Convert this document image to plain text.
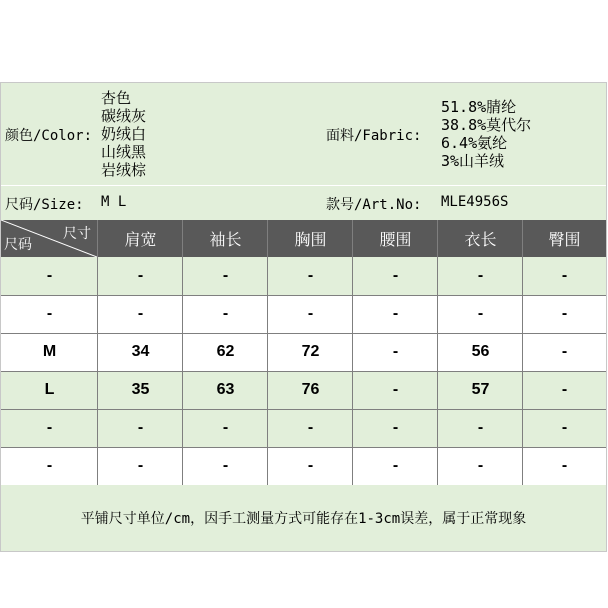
颜色/Color:
杏色
碳绒灰
奶绒白
山绒黑
岩绒棕
面料/Fabric:
51.8%腈纶
38.8%莫代尔
6.4%氨纶
3%山羊绒
尺码/Size: M L	款号/Art.No: MLE4956S
尺寸
尺码	肩宽	袖长	胸围	腰围	衣长	臀围
-	-	-	-	-	-	-
-	-	-	-	-	-	-
M	34	62	72	-	56	-
L	35	63	76	-	57	-
-	-	-	-	-	-	-
-	-	-	-	-	-	-
平铺尺寸单位/cm，因手工测量方式可能存在1-3cm误差，属于正常现象
